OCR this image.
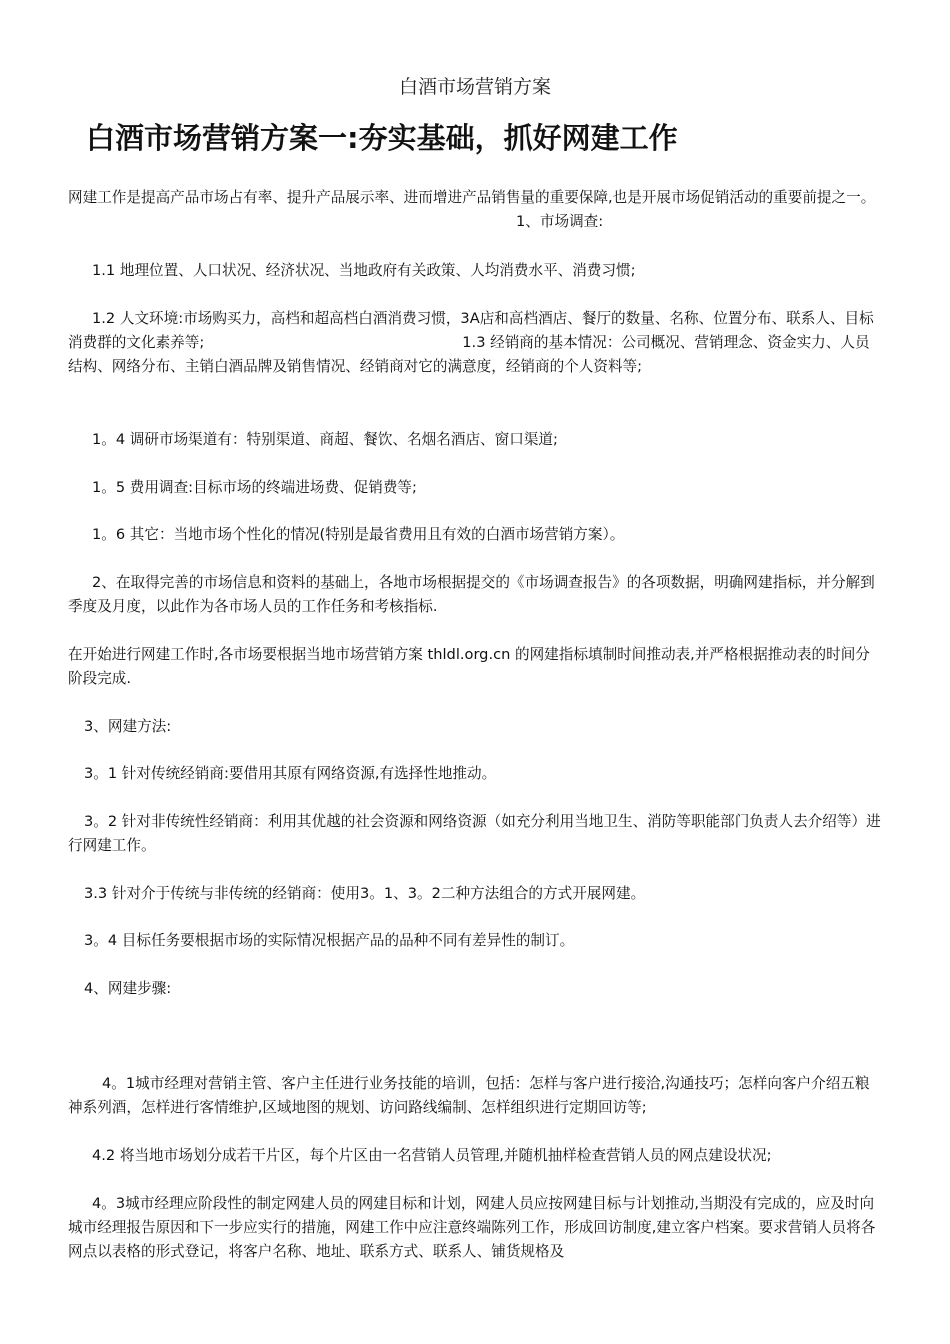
白酒市场营销方案
白酒市场营销方案一:夯实基础，抓好网建工作
网建工作是提高产品市场占有率、提升产品展示率、进而增进产品销售量的重要保障,也是开展市场促销活动的重要前提之一。1、市场调查:
1.1 地理位置、人口状况、经济状况、当地政府有关政策、人均消费水平、消费习惯;
1.2 人文环境:市场购买力，高档和超高档白酒消费习惯，3A店和高档酒店、餐厅的数量、名称、位置分布、联系人、目标消费群的文化素养等;	1.3 经销商的基本情况：公司概况、营销理念、资金实力、人员结构、网络分布、主销白酒品牌及销售情况、经销商对它的满意度，经销商的个人资料等;
1。4 调研市场渠道有：特别渠道、商超、餐饮、名烟名酒店、窗口渠道;
1。5 费用调查:目标市场的终端进场费、促销费等;
1。6 其它：当地市场个性化的情况(特别是最省费用且有效的白酒市场营销方案）。
2、在取得完善的市场信息和资料的基础上，各地市场根据提交的《市场调查报告》的各项数据，明确网建指标，并分解到季度及月度，以此作为各市场人员的工作任务和考核指标.
在开始进行网建工作时,各市场要根据当地市场营销方案 thldl.org.cn 的网建指标填制时间推动表,并严格根据推动表的时间分阶段完成.
3、网建方法:
3。1 针对传统经销商:要借用其原有网络资源,有选择性地推动。
3。2 针对非传统性经销商：利用其优越的社会资源和网络资源（如充分利用当地卫生、消防等职能部门负责人去介绍等）进行网建工作。
3.3 针对介于传统与非传统的经销商：使用3。1、3。2二种方法组合的方式开展网建。
3。4 目标任务要根据市场的实际情况根据产品的品种不同有差异性的制订。
4、网建步骤:
4。1城市经理对营销主管、客户主任进行业务技能的培训，包括：怎样与客户进行接洽,沟通技巧；怎样向客户介绍五粮神系列酒，怎样进行客情维护,区域地图的规划、访问路线编制、怎样组织进行定期回访等;
4.2 将当地市场划分成若干片区，每个片区由一名营销人员管理,并随机抽样检查营销人员的网点建设状况;
4。3城市经理应阶段性的制定网建人员的网建目标和计划，网建人员应按网建目标与计划推动,当期没有完成的，应及时向城市经理报告原因和下一步应实行的措施，网建工作中应注意终端陈列工作，形成回访制度,建立客户档案。要求营销人员将各网点以表格的形式登记，将客户名称、地址、联系方式、联系人、铺货规格及
